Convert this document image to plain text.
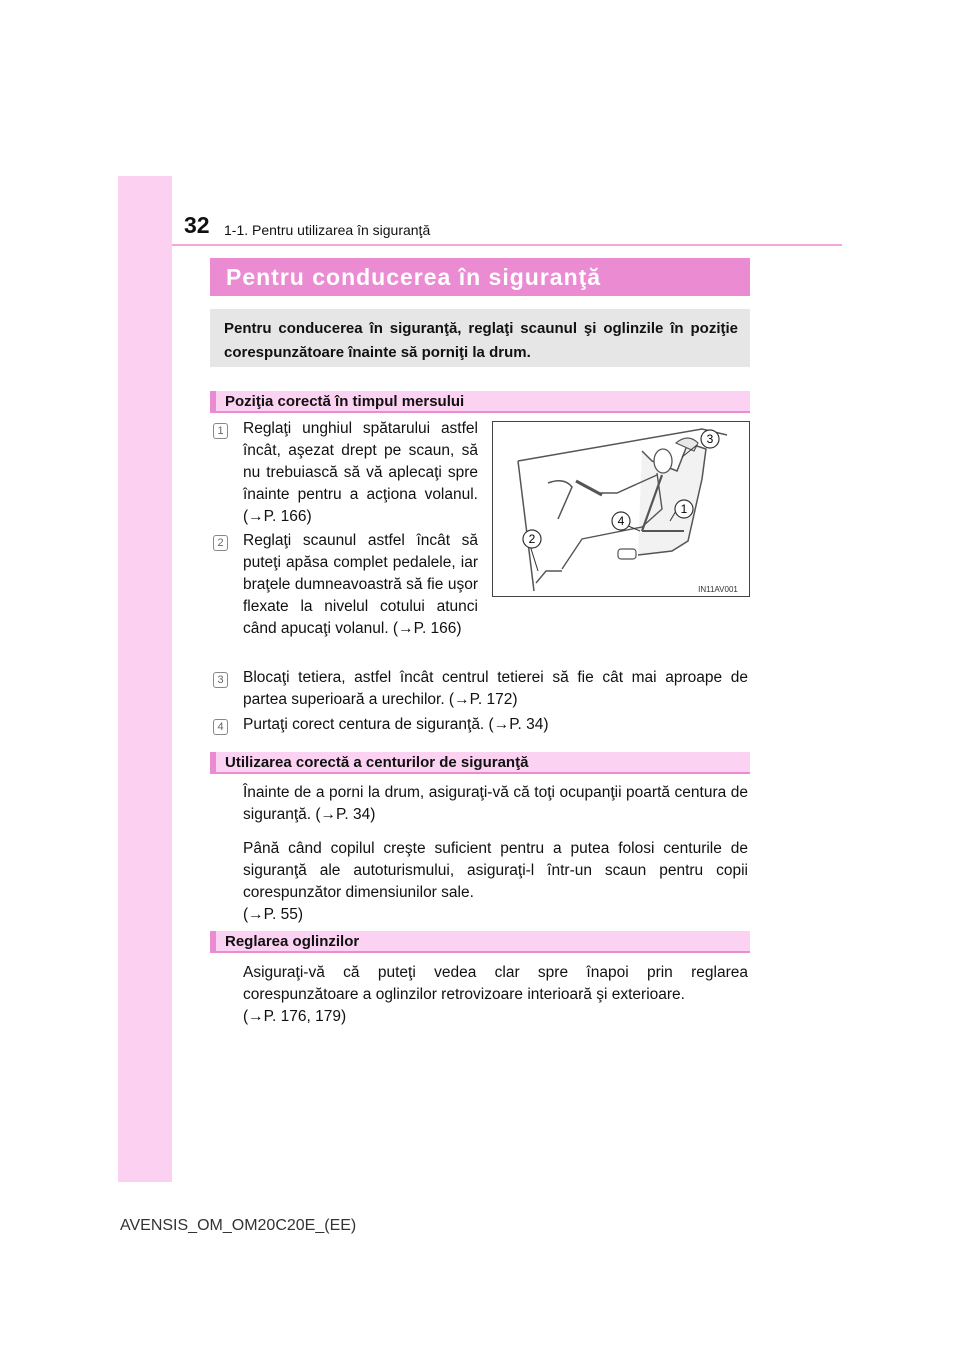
32 1-1. Pentru utilizarea în siguranţă
Pentru conducerea în siguranţă
Pentru conducerea în siguranţă, reglaţi scaunul şi oglinzile în poziţie corespunzătoare înainte să porniţi la drum.
Poziţia corectă în timpul mersului
1 Reglaţi unghiul spătarului astfel încât, aşezat drept pe scaun, să nu trebuiască să vă aplecaţi spre înainte pentru a acţiona volanul. (→P. 166)
2 Reglaţi scaunul astfel încât să puteţi apăsa complet pedalele, iar braţele dumneavoastră să fie uşor flexate la nivelul cotului atunci când apucaţi volanul. (→P. 166)
3
1
4
2
IN11AV001
3 Blocaţi tetiera, astfel încât centrul tetierei să fie cât mai aproape de partea superioară a urechilor. (→P. 172)
4 Purtaţi corect centura de siguranţă. (→P. 34)
Utilizarea corectă a centurilor de siguranţă
Înainte de a porni la drum, asiguraţi-vă că toţi ocupanţii poartă centura de siguranţă. (→P. 34)
Până când copilul creşte suficient pentru a putea folosi centurile de siguranţă ale autoturismului, asiguraţi-l într-un scaun pentru copii corespunzător dimensiunilor sale.
(→P. 55)
Reglarea oglinzilor
Asiguraţi-vă că puteţi vedea clar spre înapoi prin reglarea corespunzătoare a oglinzilor retrovizoare interioară şi exterioare.
(→P. 176, 179)
AVENSIS_OM_OM20C20E_(EE)
